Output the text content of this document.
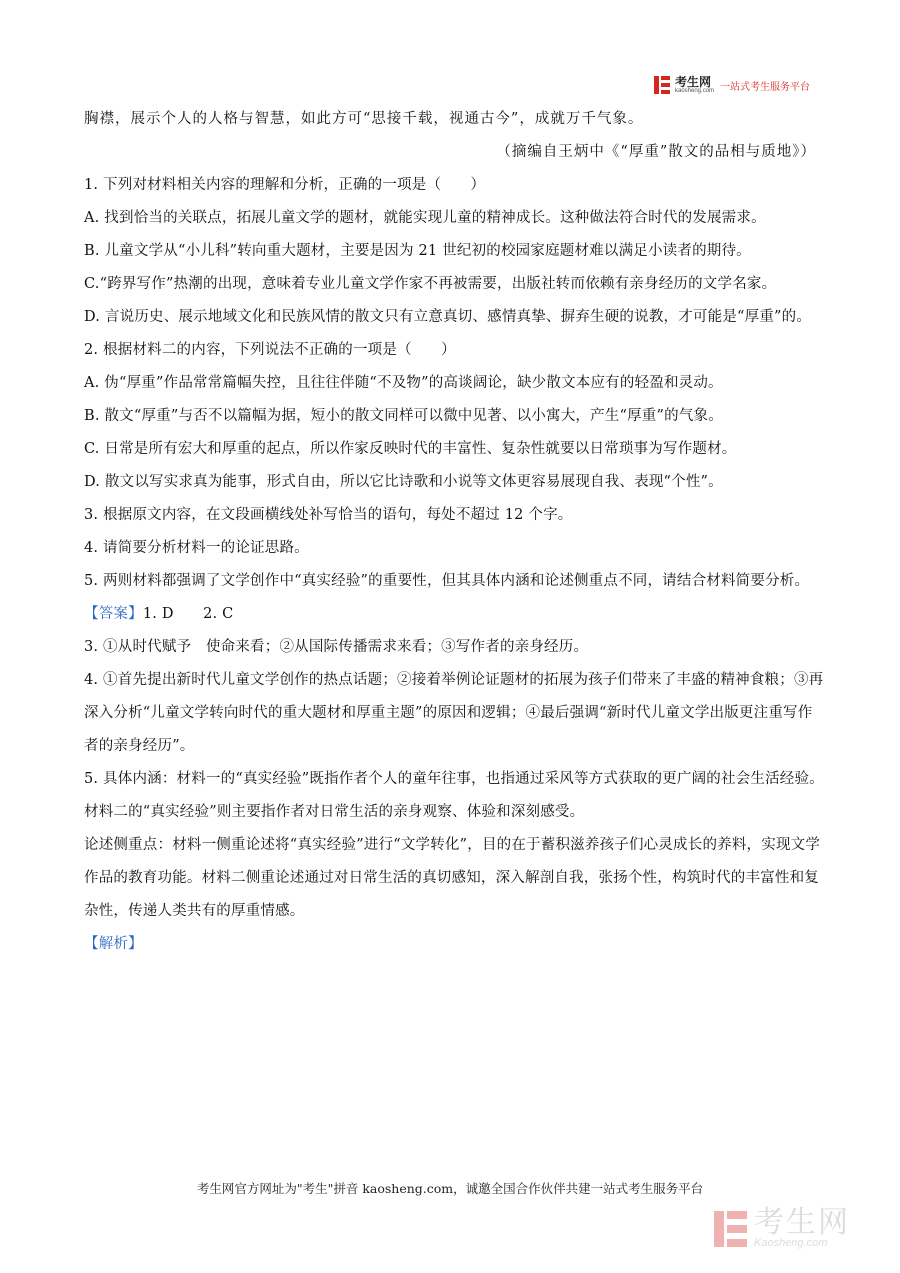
考生网
kaosheng.com 一站式考生服务平台

胸襟，展示个人的人格与智慧，如此方可“思接千载，视通古今”，成就万千气象。

（摘编自王炳中《“厚重”散文的品相与质地》）

1. 下列对材料相关内容的理解和分析，正确的一项是（　　）

A. 找到恰当的关联点，拓展儿童文学的题材，就能实现儿童的精神成长。这种做法符合时代的发展需求。

B. 儿童文学从“小儿科”转向重大题材，主要是因为 21 世纪初的校园家庭题材难以满足小读者的期待。

C.“跨界写作”热潮的出现，意味着专业儿童文学作家不再被需要，出版社转而依赖有亲身经历的文学名家。

D. 言说历史、展示地域文化和民族风情的散文只有立意真切、感情真挚、摒弃生硬的说教，才可能是“厚重”的。

2. 根据材料二的内容，下列说法不正确的一项是（　　）

A. 伪“厚重”作品常常篇幅失控，且往往伴随“不及物”的高谈阔论，缺少散文本应有的轻盈和灵动。

B. 散文“厚重”与否不以篇幅为据，短小的散文同样可以微中见著、以小寓大，产生“厚重”的气象。

C. 日常是所有宏大和厚重的起点，所以作家反映时代的丰富性、复杂性就要以日常琐事为写作题材。

D. 散文以写实求真为能事，形式自由，所以它比诗歌和小说等文体更容易展现自我、表现“个性”。

3. 根据原文内容，在文段画横线处补写恰当的语句，每处不超过 12 个字。

4. 请简要分析材料一的论证思路。

5. 两则材料都强调了文学创作中“真实经验”的重要性，但其具体内涵和论述侧重点不同，请结合材料简要分析。

【答案】1. D　　2. C

3. ①从时代赋予　使命来看；②从国际传播需求来看；③写作者的亲身经历。

4. ①首先提出新时代儿童文学创作的热点话题；②接着举例论证题材的拓展为孩子们带来了丰盛的精神食粮；③再深入分析“儿童文学转向时代的重大题材和厚重主题”的原因和逻辑；④最后强调“新时代儿童文学出版更注重写作者的亲身经历”。

5. 具体内涵：材料一的“真实经验”既指作者个人的童年往事，也指通过采风等方式获取的更广阔的社会生活经验。材料二的“真实经验”则主要指作者对日常生活的亲身观察、体验和深刻感受。

论述侧重点：材料一侧重论述将“真实经验”进行“文学转化”，目的在于蓄积滋养孩子们心灵成长的养料，实现文学作品的教育功能。材料二侧重论述通过对日常生活的真切感知，深入解剖自我，张扬个性，构筑时代的丰富性和复杂性，传递人类共有的厚重情感。

【解析】

考生网官方网址为"考生"拼音 kaosheng.com，诚邀全国合作伙伴共建一站式考生服务平台
考生网
Kaosheng.com
